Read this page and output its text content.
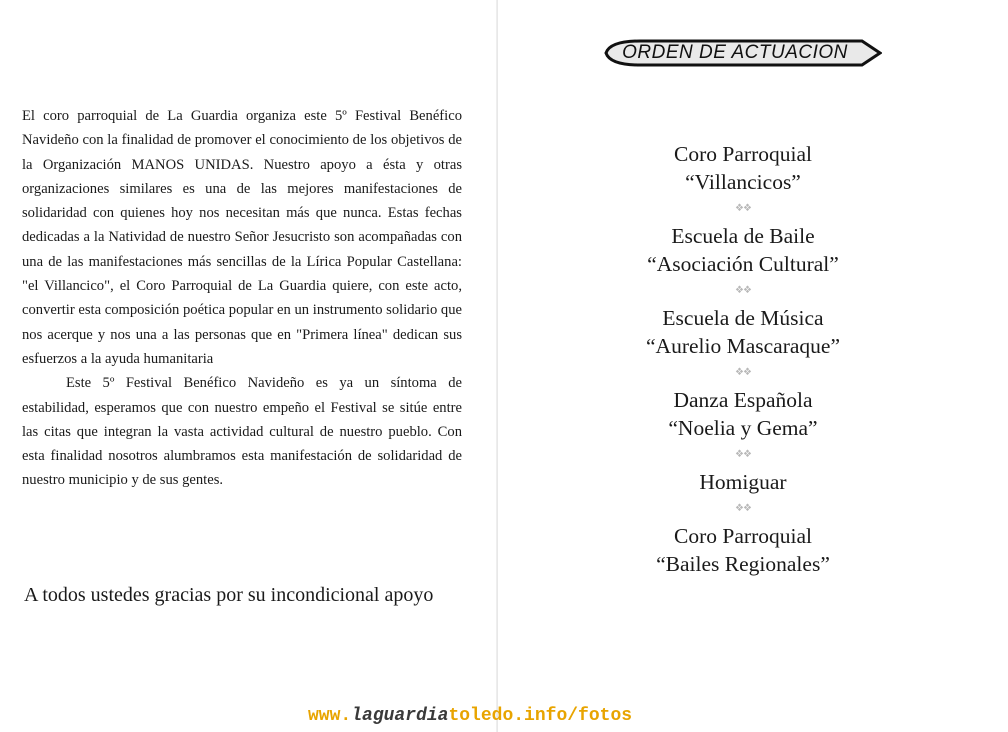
El coro parroquial de La Guardia organiza este 5º Festival Benéfico Navideño con la finalidad de promover el conocimiento de los objetivos de la Organización MANOS UNIDAS. Nuestro apoyo a ésta y otras organizaciones similares es una de las mejores manifestaciones de solidaridad con quienes hoy nos necesitan más que nunca. Estas fechas dedicadas a la Natividad de nuestro Señor Jesucristo son acompañadas con una de las manifestaciones más sencillas de la Lírica Popular Castellana: "el Villancico", el Coro Parroquial de La Guardia quiere, con este acto, convertir esta composición poética popular en un instrumento solidario que nos acerque y nos una a las personas que en "Primera línea" dedican sus esfuerzos a la ayuda humanitaria

Este 5º Festival Benéfico Navideño es ya un síntoma de estabilidad, esperamos que con nuestro empeño el Festival se sitúe entre las citas que integran la vasta actividad cultural de nuestro pueblo. Con esta finalidad nosotros alumbramos esta manifestación de solidaridad de nuestro municipio y de sus gentes.

A todos ustedes gracias por su incondicional apoyo
ORDEN DE ACTUACION
Coro Parroquial
“Villancicos”
❖❖
Escuela de Baile
“Asociación Cultural”
❖❖
Escuela de Música
“Aurelio Mascaraque”
❖❖
Danza Española
“Noelia y Gema”
❖❖
Homiguar
❖❖
Coro Parroquial
“Bailes Regionales”
www.laguardiatoledo.info/fotos
